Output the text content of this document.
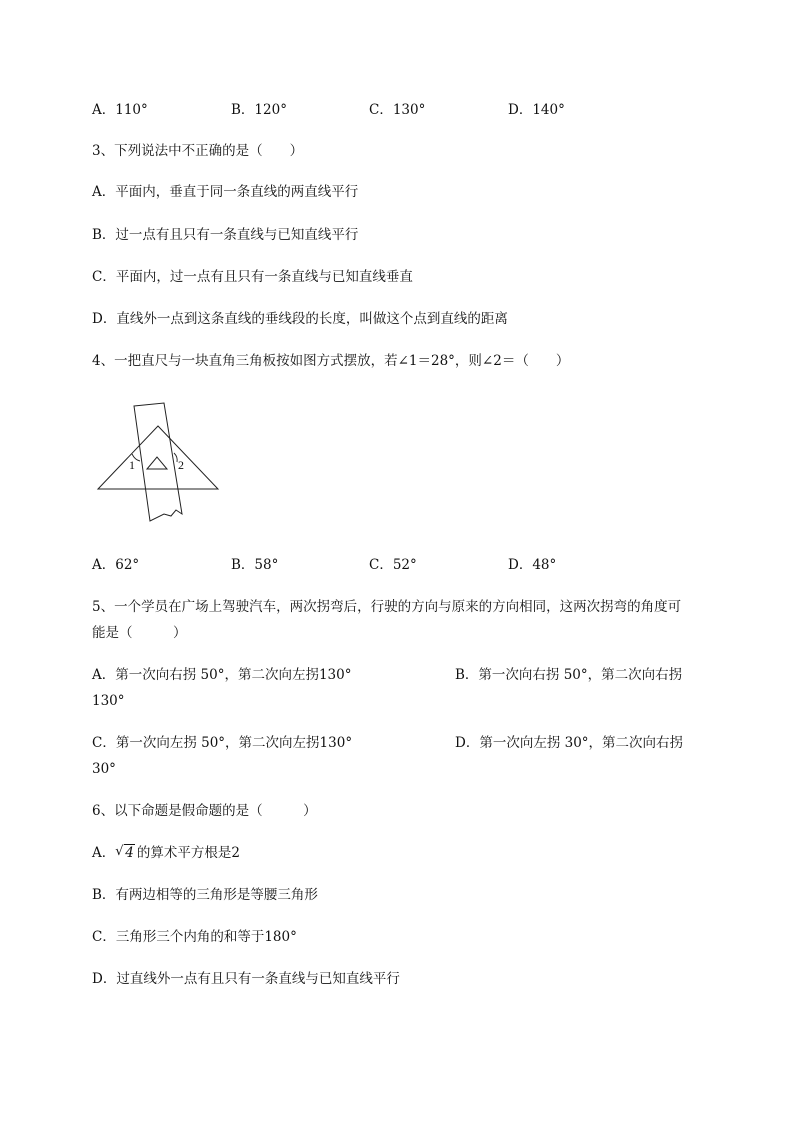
A．110°	B．120°	C．130°	D．140°
3、下列说法中不正确的是（　　）
A．平面内，垂直于同一条直线的两直线平行
B．过一点有且只有一条直线与已知直线平行
C．平面内，过一点有且只有一条直线与已知直线垂直
D．直线外一点到这条直线的垂线段的长度，叫做这个点到直线的距离
4、一把直尺与一块直角三角板按如图方式摆放，若∠1＝28°，则∠2＝（　　）
1	2
A．62°	B．58°	C．52°	D．48°
5、一个学员在广场上驾驶汽车，两次拐弯后，行驶的方向与原来的方向相同，这两次拐弯的角度可
能是（　　　）
A．第一次向右拐 50°，第二次向左拐130°	B．第一次向右拐 50°，第二次向右拐
130°
C．第一次向左拐 50°，第二次向左拐130°	D．第一次向左拐 30°，第二次向右拐
30°
6、以下命题是假命题的是（　　　）
A． √ 4 的算术平方根是2
B．有两边相等的三角形是等腰三角形
C．三角形三个内角的和等于180°
D．过直线外一点有且只有一条直线与已知直线平行
